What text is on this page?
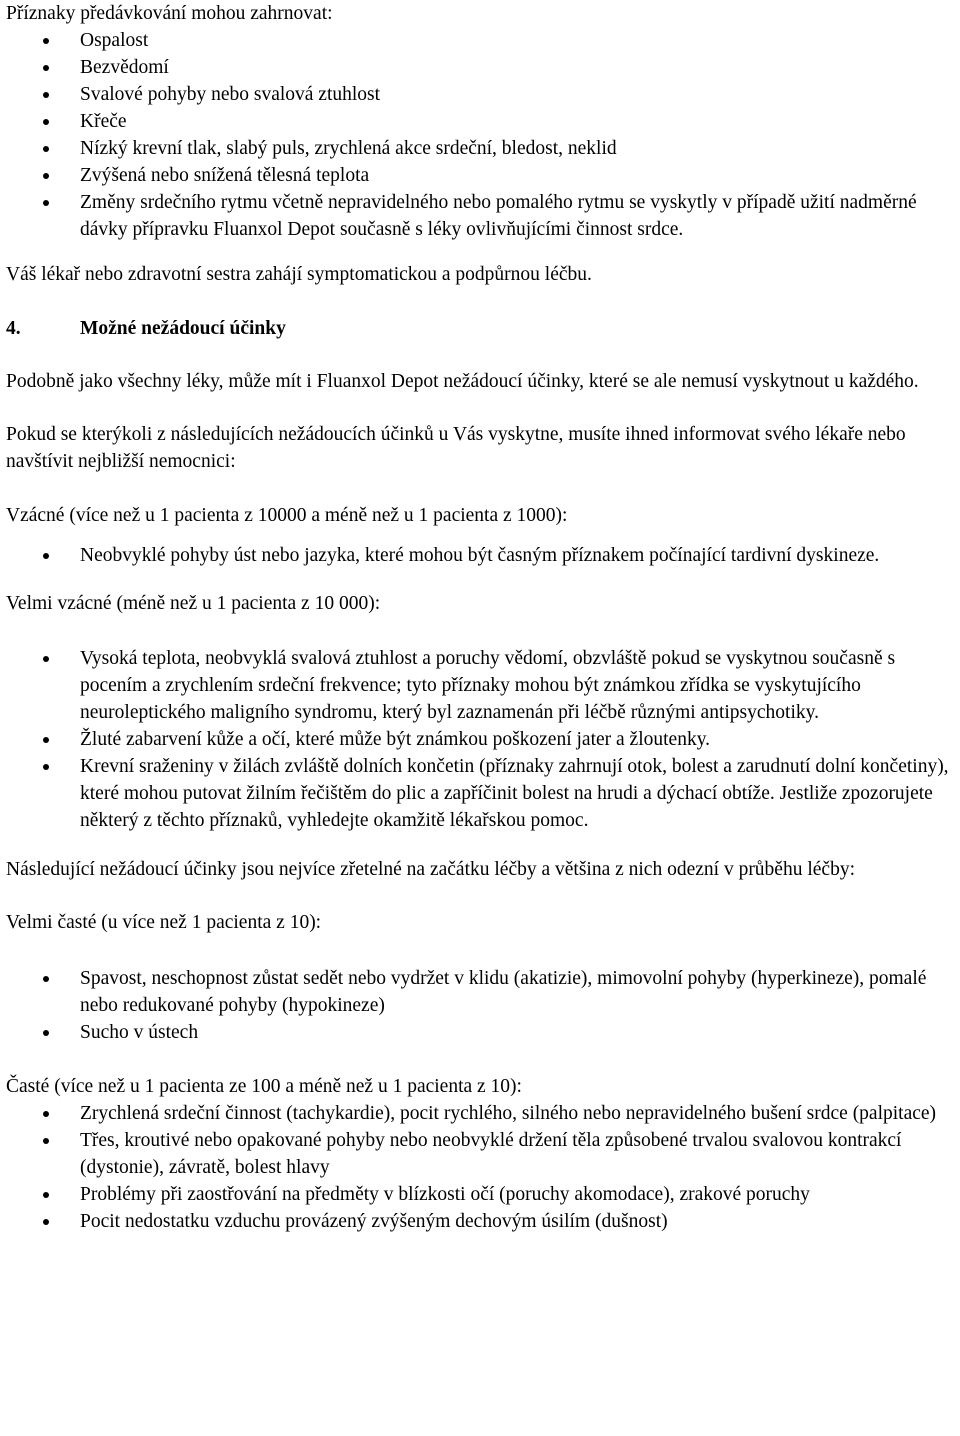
Příznaky předávkování mohou zahrnovat:

Ospalost
Bezvědomí
Svalové pohyby nebo svalová ztuhlost
Křeče
Nízký krevní tlak, slabý puls, zrychlená akce srdeční, bledost, neklid
Zvýšená nebo snížená tělesná teplota
Změny srdečního rytmu včetně nepravidelného nebo pomalého rytmu se vyskytly v případě užití nadměrné dávky přípravku Fluanxol Depot současně s léky ovlivňujícími činnost srdce.

Váš lékař nebo zdravotní sestra zahájí symptomatickou a podpůrnou léčbu.

4.	Možné nežádoucí účinky

Podobně jako všechny léky, může mít i Fluanxol Depot nežádoucí účinky, které se ale nemusí vyskytnout u každého.

Pokud se kterýkoli z následujících nežádoucích účinků u Vás vyskytne, musíte ihned informovat svého lékaře nebo navštívit nejbližší nemocnici:

Vzácné (více než u 1 pacienta z 10000 a méně než u 1 pacienta z 1000):

Neobvyklé pohyby úst nebo jazyka, které mohou být časným příznakem počínající tardivní dyskineze.

Velmi vzácné (méně než u 1 pacienta z 10 000):

Vysoká teplota, neobvyklá svalová ztuhlost a poruchy vědomí, obzvláště pokud se vyskytnou současně s pocením a zrychlením srdeční frekvence; tyto příznaky mohou být známkou zřídka se vyskytujícího neuroleptického maligního syndromu, který byl zaznamenán při léčbě různými antipsychotiky.
Žluté zabarvení kůže a očí, které může být známkou poškození jater a žloutenky.
Krevní sraženiny v žilách zvláště dolních končetin (příznaky zahrnují otok, bolest a zarudnutí dolní končetiny), které mohou putovat žilním řečištěm do plic a zapříčinit bolest na hrudi a dýchací obtíže. Jestliže zpozorujete některý z těchto příznaků, vyhledejte okamžitě lékařskou pomoc.

Následující nežádoucí účinky jsou nejvíce zřetelné na začátku léčby a většina z nich odezní v průběhu léčby:

Velmi časté (u více než 1 pacienta z 10):

Spavost, neschopnost zůstat sedět nebo vydržet v klidu (akatizie), mimovolní pohyby (hyperkineze), pomalé nebo redukované pohyby (hypokineze)
Sucho v ústech

Časté (více než u 1 pacienta ze 100 a méně než u 1 pacienta z 10):

Zrychlená srdeční činnost (tachykardie), pocit rychlého, silného nebo nepravidelného bušení srdce (palpitace)
Třes, kroutivé nebo opakované pohyby nebo neobvyklé držení těla způsobené trvalou svalovou kontrakcí (dystonie), závratě, bolest hlavy
Problémy při zaostřování na předměty v blízkosti očí (poruchy akomodace), zrakové poruchy
Pocit nedostatku vzduchu provázený zvýšeným dechovým úsilím (dušnost)
